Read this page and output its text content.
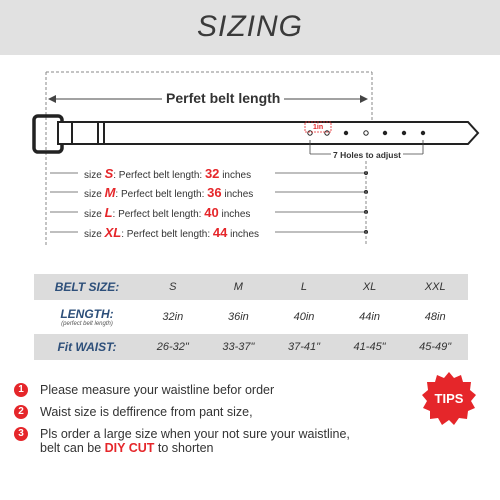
SIZING
Perfet belt length
7 Holes to adjust
1in
size S: Perfect belt length: 32 inches
size M: Perfect belt length: 36 inches
size L: Perfect belt length: 40 inches
size XL: Perfect belt length: 44 inches
BELT SIZE:	S	M	L	XL	XXL
LENGTH:
(perfect belt length)	32in	36in	40in	44in	48in
Fit WAIST:	26-32"	33-37"	37-41"	41-45"	45-49"
1	Please measure your waistline befor order
2	Waist size is deffirence from pant size,
3	Pls order a large size when your not sure your waistline,
belt can be DIY CUT to shorten
TIPS
